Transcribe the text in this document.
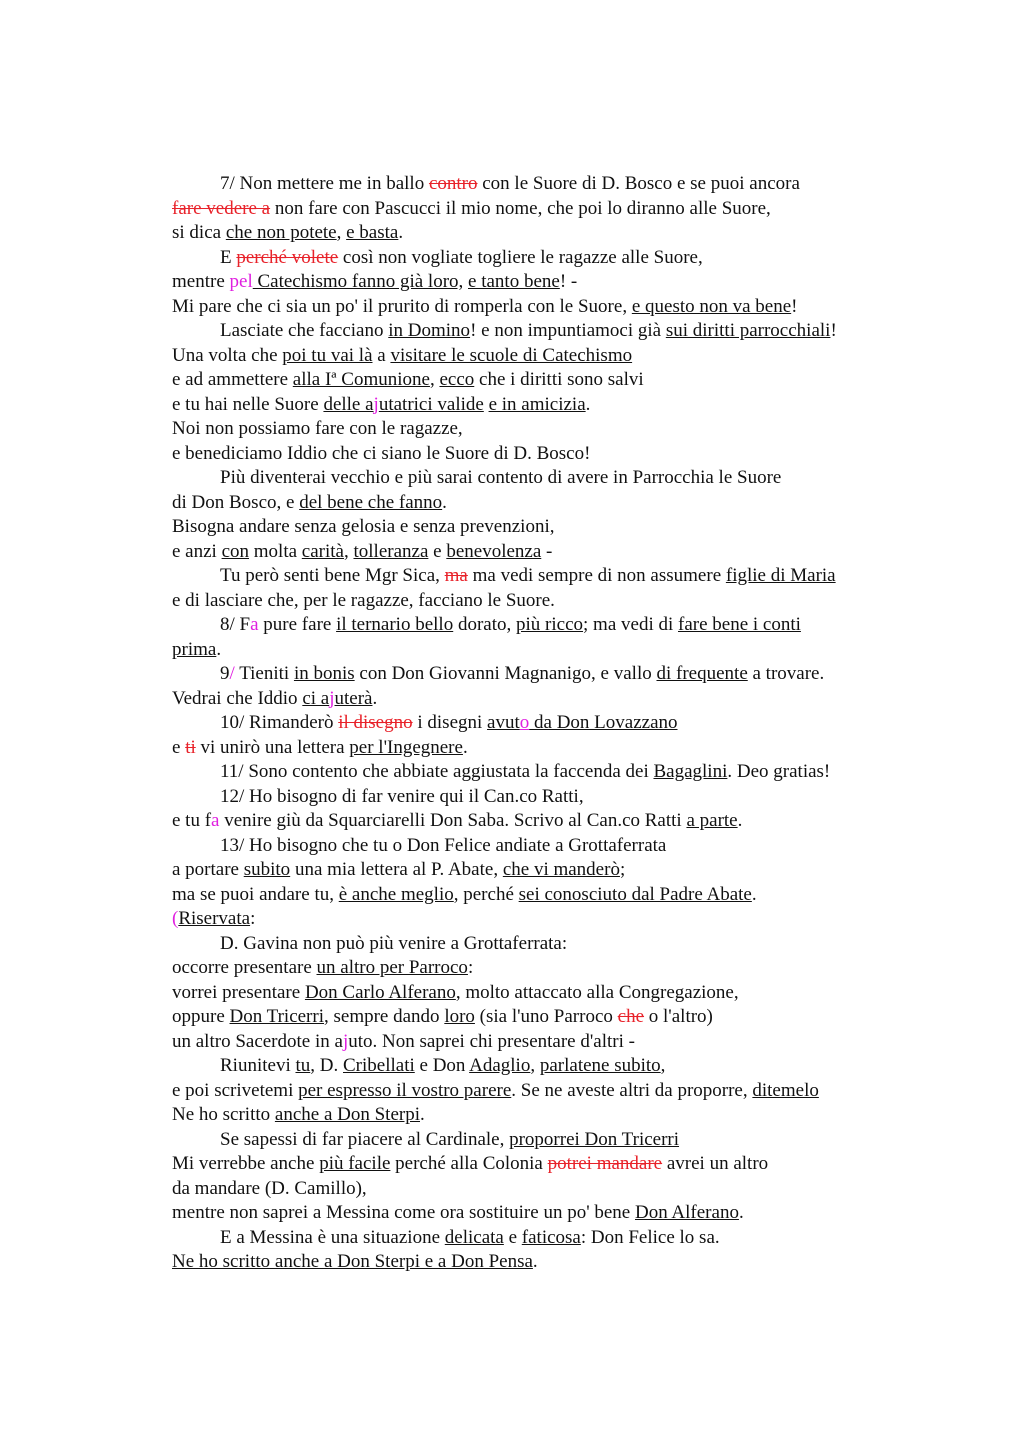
7/ Non mettere me in ballo contro con le Suore di D. Bosco e se puoi ancora
fare vedere a non fare con Pascucci il mio nome, che poi lo diranno alle Suore,
si dica che non potete, e basta.
E perché volete così non vogliate togliere le ragazze alle Suore,
mentre pel Catechismo fanno già loro, e tanto bene! -
Mi pare che ci sia un po' il prurito di romperla con le Suore, e questo non va bene!
Lasciate che facciano in Domino! e non impuntiamoci già sui diritti parrocchiali!
Una volta che poi tu vai là a visitare le scuole di Catechismo
e ad ammettere alla Iª Comunione, ecco che i diritti sono salvi
e tu hai nelle Suore delle ajutatrici valide e in amicizia.
Noi non possiamo fare con le ragazze,
e benediciamo Iddio che ci siano le Suore di D. Bosco!
Più diventerai vecchio e più sarai contento di avere in Parrocchia le Suore
di Don Bosco, e del bene che fanno.
Bisogna andare senza gelosia e senza prevenzioni,
e anzi con molta carità, tolleranza e benevolenza -
Tu però senti bene Mgr Sica, ma ma vedi sempre di non assumere figlie di Maria
e di lasciare che, per le ragazze, facciano le Suore.
8/ Fa pure fare il ternario bello dorato, più ricco; ma vedi di fare bene i conti
prima.
9/ Tieniti in bonis con Don Giovanni Magnanigo, e vallo di frequente a trovare.
Vedrai che Iddio ci ajuterà.
10/ Rimanderò il disegno i disegni avuto da Don Lovazzano
e ti vi unirò una lettera per l'Ingegnere.
11/ Sono contento che abbiate aggiustata la faccenda dei Bagaglini. Deo gratias!
12/ Ho bisogno di far venire qui il Can.co Ratti,
e tu fa venire giù da Squarciarelli Don Saba. Scrivo al Can.co Ratti a parte.
13/ Ho bisogno che tu o Don Felice andiate a Grottaferrata
a portare subito una mia lettera al P. Abate, che vi manderò;
ma se puoi andare tu, è anche meglio, perché sei conosciuto dal Padre Abate.
(Riservata:
D. Gavina non può più venire a Grottaferrata:
occorre presentare un altro per Parroco:
vorrei presentare Don Carlo Alferano, molto attaccato alla Congregazione,
oppure Don Tricerri, sempre dando loro (sia l'uno Parroco che o l'altro)
un altro Sacerdote in ajuto. Non saprei chi presentare d'altri -
Riunitevi tu, D. Cribellati e Don Adaglio, parlatene subito,
e poi scrivetemi per espresso il vostro parere. Se ne aveste altri da proporre, ditemelo
Ne ho scritto anche a Don Sterpi.
Se sapessi di far piacere al Cardinale, proporrei Don Tricerri
Mi verrebbe anche più facile perché alla Colonia potrei mandare avrei un altro
da mandare (D. Camillo),
mentre non saprei a Messina come ora sostituire un po' bene Don Alferano.
E a Messina è una situazione delicata e faticosa: Don Felice lo sa.
Ne ho scritto anche a Don Sterpi e a Don Pensa.
